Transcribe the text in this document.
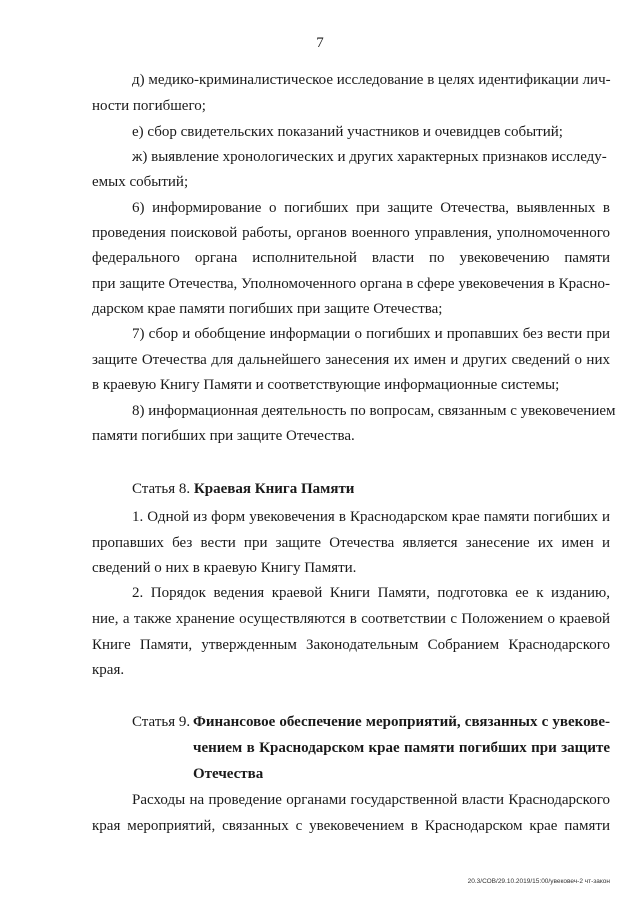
7
д) медико-криминалистическое исследование в целях идентификации лич-
ности погибшего;
е) сбор свидетельских показаний участников и очевидцев событий;
ж) выявление хронологических и других характерных признаков исследу-
емых событий;
6) информирование о погибших при защите Отечества, выявленных в
проведения поисковой работы, органов военного управления, уполномоченного
федерального органа исполнительной власти по увековечению памяти
при защите Отечества, Уполномоченного органа в сфере увековечения в Красно-
дарском крае памяти погибших при защите Отечества;
7) сбор и обобщение информации о погибших и пропавших без вести при
защите Отечества для дальнейшего занесения их имен и других сведений о них
в краевую Книгу Памяти и соответствующие информационные системы;
8) информационная деятельность по вопросам, связанным с увековечением
памяти погибших при защите Отечества.
Статья 8. Краевая Книга Памяти
1. Одной из форм увековечения в Краснодарском крае памяти погибших и
пропавших без вести при защите Отечества является занесение их имен и
сведений о них в краевую Книгу Памяти.
2. Порядок ведения краевой Книги Памяти, подготовка ее к изданию,
ние, а также хранение осуществляются в соответствии с Положением о краевой
Книге Памяти, утвержденным Законодательным Собранием Краснодарского
края.
Статья 9. Финансовое обеспечение мероприятий, связанных с увекове-
чением в Краснодарском крае памяти погибших при защите
Отечества
Расходы на проведение органами государственной власти Краснодарского
края мероприятий, связанных с увековечением в Краснодарском крае памяти
20.3/СОВ/29.10.2019/15:00/увековеч-2 чт-закон
